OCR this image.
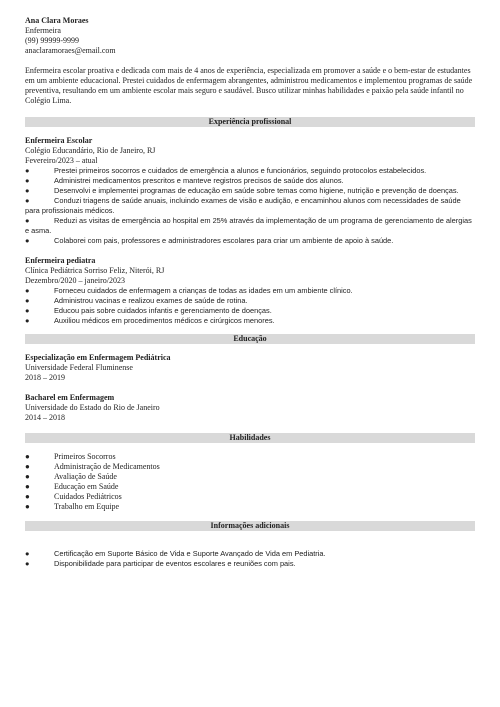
Ana Clara Moraes
Enfermeira
(99) 99999-9999
anaclaramoraes@email.com
Enfermeira escolar proativa e dedicada com mais de 4 anos de experiência, especializada em promover a saúde e o bem-estar de estudantes em um ambiente educacional. Prestei cuidados de enfermagem abrangentes, administrou medicamentos e implementou programas de saúde preventiva, resultando em um ambiente escolar mais seguro e saudável. Busco utilizar minhas habilidades e paixão pela saúde infantil no Colégio Lima.
Experiência profissional
Enfermeira Escolar
Colégio Educandário, Rio de Janeiro, RJ
Fevereiro/2023 – atual
●	Prestei primeiros socorros e cuidados de emergência a alunos e funcionários, seguindo protocolos estabelecidos.
●	Administrei medicamentos prescritos e manteve registros precisos de saúde dos alunos.
●	Desenvolvi e implementei programas de educação em saúde sobre temas como higiene, nutrição e prevenção de doenças.
●	Conduzi triagens de saúde anuais, incluindo exames de visão e audição, e encaminhou alunos com necessidades de saúde para profissionais médicos.
●	Reduzi as visitas de emergência ao hospital em 25% através da implementação de um programa de gerenciamento de alergias e asma.
●	Colaborei com pais, professores e administradores escolares para criar um ambiente de apoio à saúde.
Enfermeira pediatra
Clínica Pediátrica Sorriso Feliz, Niterói, RJ
Dezembro/2020 – janeiro/2023
●	Forneceu cuidados de enfermagem a crianças de todas as idades em um ambiente clínico.
●	Administrou vacinas e realizou exames de saúde de rotina.
●	Educou pais sobre cuidados infantis e gerenciamento de doenças.
●	Auxiliou médicos em procedimentos médicos e cirúrgicos menores.
Educação
Especialização em Enfermagem Pediátrica
Universidade Federal Fluminense
2018 – 2019
Bacharel em Enfermagem
Universidade do Estado do Rio de Janeiro
2014 – 2018
Habilidades
●	Primeiros Socorros
●	Administração de Medicamentos
●	Avaliação de Saúde
●	Educação em Saúde
●	Cuidados Pediátricos
●	Trabalho em Equipe
Informações adicionais
●	Certificação em Suporte Básico de Vida e Suporte Avançado de Vida em Pediatria.
●	Disponibilidade para participar de eventos escolares e reuniões com pais.
